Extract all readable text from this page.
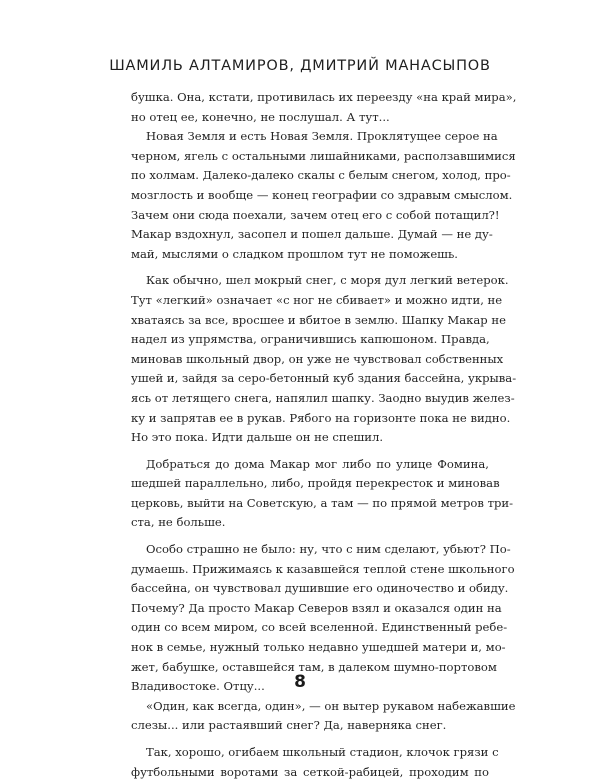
ШАМИЛЬ АЛТАМИРОВ, ДМИТРИЙ МАНАСЫПОВ

бушка. Она, кстати, противилась их переезду «на край мира»,
но отец ее, конечно, не послушал. А тут...

Новая Земля и есть Новая Земля. Проклятущее серое на
черном, ягель с остальными лишайниками, расползавшимися
по холмам. Далеко-далеко скалы с белым снегом, холод, про-
мозглость и вообще — конец географии со здравым смыслом.
Зачем они сюда поехали, зачем отец его с собой потащил?!
Макар вздохнул, засопел и пошел дальше. Думай — не ду-
май, мыслями о сладком прошлом тут не поможешь.

Как обычно, шел мокрый снег, с моря дул легкий ветерок.
Тут «легкий» означает «с ног не сбивает» и можно идти, не
хватаясь за все, вросшее и вбитое в землю. Шапку Макар не
надел из упрямства, ограничившись капюшоном. Правда,
миновав школьный двор, он уже не чувствовал собственных
ушей и, зайдя за серо-бетонный куб здания бассейна, укрыва-
ясь от летящего снега, напялил шапку. Заодно выудив желез-
ку и запрятав ее в рукав. Рябого на горизонте пока не видно.
Но это пока. Идти дальше он не спешил.

Добраться до дома Макар мог либо по улице Фомина,
шедшей параллельно, либо, пройдя перекресток и миновав
церковь, выйти на Советскую, а там — по прямой метров три-
ста, не больше.

Особо страшно не было: ну, что с ним сделают, убьют? По-
думаешь. Прижимаясь к казавшейся теплой стене школьного
бассейна, он чувствовал душившие его одиночество и обиду.
Почему? Да просто Макар Северов взял и оказался один на
один со всем миром, со всей вселенной. Единственный ребе-
нок в семье, нужный только недавно ушедшей матери и, мо-
жет, бабушке, оставшейся там, в далеком шумно-портовом
Владивостоке. Отцу...

«Один, как всегда, один», — он вытер рукавом набежавшие
слезы... или растаявший снег? Да, наверняка снег.

Так, хорошо, огибаем школьный стадион, клочок грязи с
футбольными воротами за сеткой-рабицей, проходим по

8
